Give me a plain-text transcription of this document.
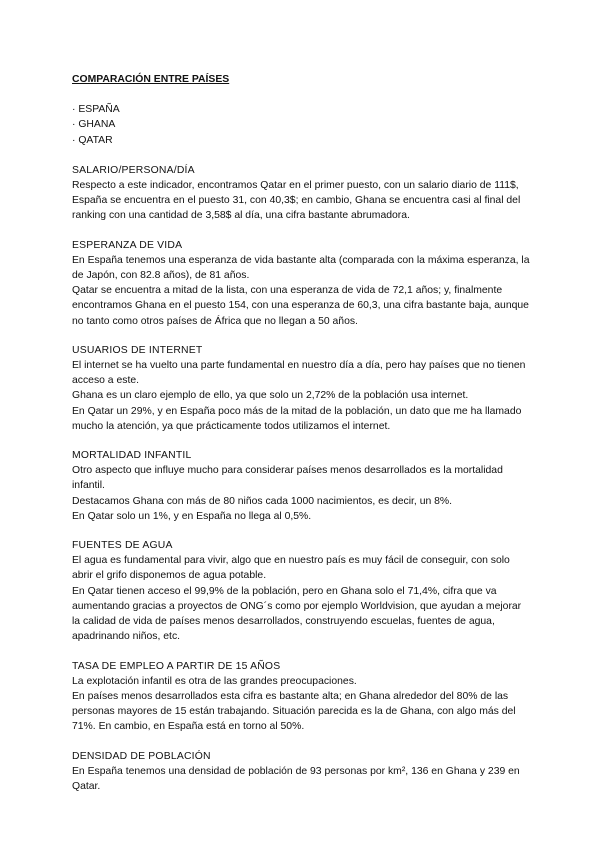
COMPARACIÓN ENTRE PAÍSES
· ESPAÑA
· GHANA
· QATAR
SALARIO/PERSONA/DÍA

Respecto a este indicador, encontramos Qatar en el primer puesto, con un salario diario de 111$, España se encuentra en el puesto 31, con 40,3$; en cambio, Ghana se encuentra casi al final del ranking con una cantidad de 3,58$ al día, una cifra bastante abrumadora.

ESPERANZA DE VIDA

En España tenemos una esperanza de vida bastante alta (comparada con la máxima esperanza, la de Japón, con 82.8 años), de 81 años.

Qatar se encuentra a mitad de la lista, con una esperanza de vida de 72,1 años; y, finalmente encontramos Ghana en el puesto 154, con una esperanza de 60,3, una cifra bastante baja, aunque no tanto como otros países de África que no llegan a 50 años.

USUARIOS DE INTERNET

El internet se ha vuelto una parte fundamental en nuestro día a día, pero hay países que no tienen acceso a este.

Ghana es un claro ejemplo de ello, ya que solo un 2,72% de la población usa internet.

En Qatar un 29%, y en España poco más de la mitad de la población, un dato que me ha llamado mucho la atención, ya que prácticamente todos utilizamos el internet.

MORTALIDAD INFANTIL

Otro aspecto que influye mucho para considerar países menos desarrollados es la mortalidad infantil.

Destacamos Ghana con más de 80 niños cada 1000 nacimientos, es decir, un 8%.

En Qatar solo un 1%, y en España no llega al 0,5%.

FUENTES DE AGUA

El agua es fundamental para vivir, algo que en nuestro país es muy fácil de conseguir, con solo abrir el grifo disponemos de agua potable.

En Qatar tienen acceso el 99,9% de la población, pero en Ghana solo el 71,4%, cifra que va aumentando gracias a proyectos de ONG´s como por ejemplo Worldvision, que ayudan a mejorar la calidad de vida de países menos desarrollados, construyendo escuelas, fuentes de agua, apadrinando niños, etc.

TASA DE EMPLEO A PARTIR DE 15 AÑOS

La explotación infantil es otra de las grandes preocupaciones.

En países menos desarrollados esta cifra es bastante alta; en Ghana alrededor del 80% de las personas mayores de 15 están trabajando. Situación parecida es la de Ghana, con algo más del 71%. En cambio, en España está en torno al 50%.

DENSIDAD DE POBLACIÓN

En España tenemos una densidad de población de 93 personas por km², 136 en Ghana y 239 en Qatar.
